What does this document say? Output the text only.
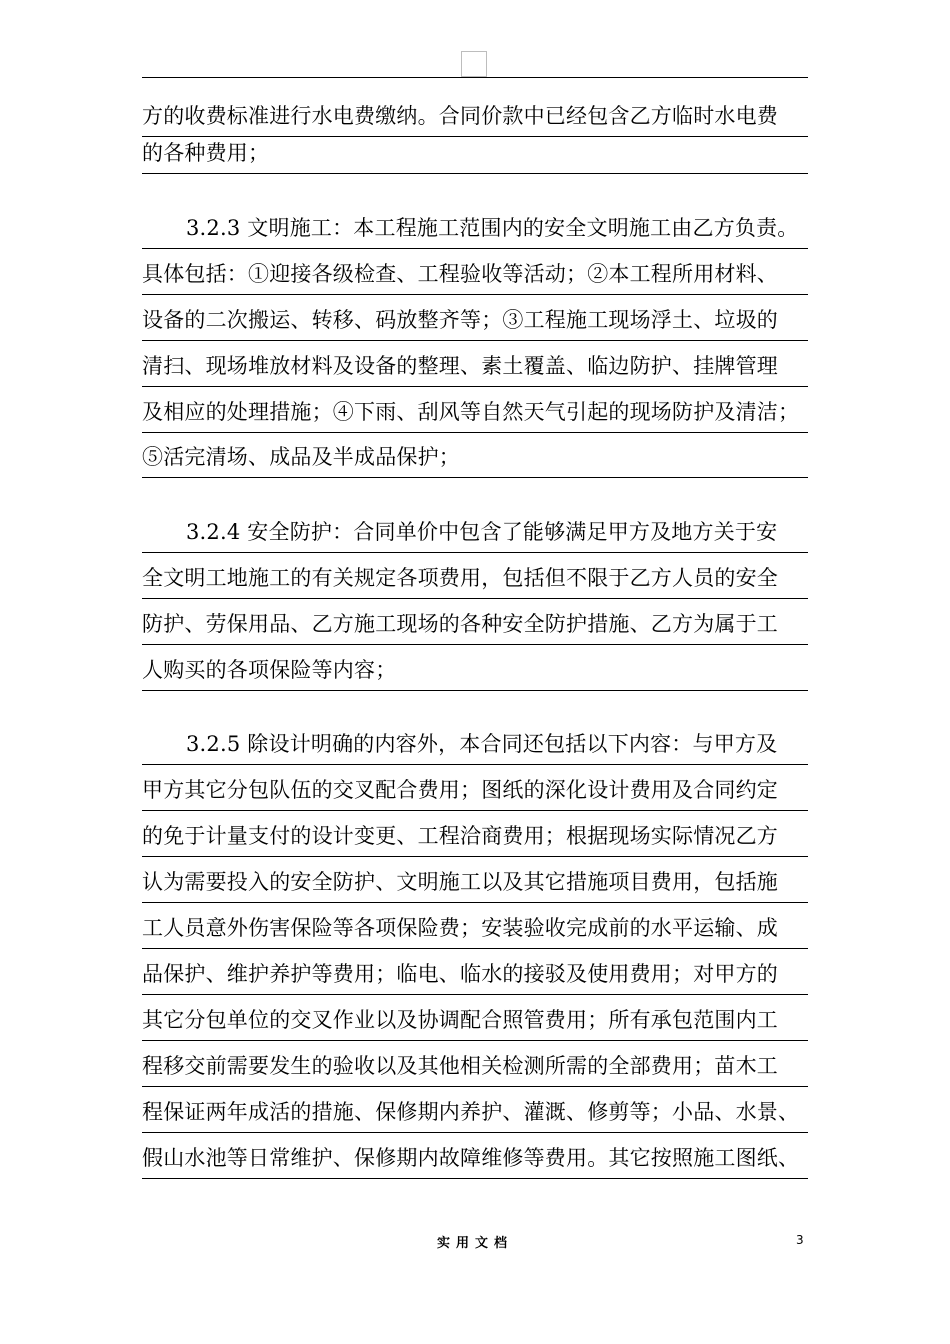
方的收费标准进行水电费缴纳。合同价款中已经包含乙方临时水电费
的各种费用；
3.2.3 文明施工：本工程施工范围内的安全文明施工由乙方负责。
具体包括：①迎接各级检查、工程验收等活动；②本工程所用材料、
设备的二次搬运、转移、码放整齐等；③工程施工现场浮土、垃圾的
清扫、现场堆放材料及设备的整理、素土覆盖、临边防护、挂牌管理
及相应的处理措施；④下雨、刮风等自然天气引起的现场防护及清洁；
⑤活完清场、成品及半成品保护；
3.2.4 安全防护：合同单价中包含了能够满足甲方及地方关于安
全文明工地施工的有关规定各项费用，包括但不限于乙方人员的安全
防护、劳保用品、乙方施工现场的各种安全防护措施、乙方为属于工
人购买的各项保险等内容；
3.2.5 除设计明确的内容外，本合同还包括以下内容：与甲方及
甲方其它分包队伍的交叉配合费用；图纸的深化设计费用及合同约定
的免于计量支付的设计变更、工程洽商费用；根据现场实际情况乙方
认为需要投入的安全防护、文明施工以及其它措施项目费用，包括施
工人员意外伤害保险等各项保险费；安装验收完成前的水平运输、成
品保护、维护养护等费用；临电、临水的接驳及使用费用；对甲方的
其它分包单位的交叉作业以及协调配合照管费用；所有承包范围内工
程移交前需要发生的验收以及其他相关检测所需的全部费用；苗木工
程保证两年成活的措施、保修期内养护、灌溉、修剪等；小品、水景、
假山水池等日常维护、保修期内故障维修等费用。其它按照施工图纸、
实用文档	3
